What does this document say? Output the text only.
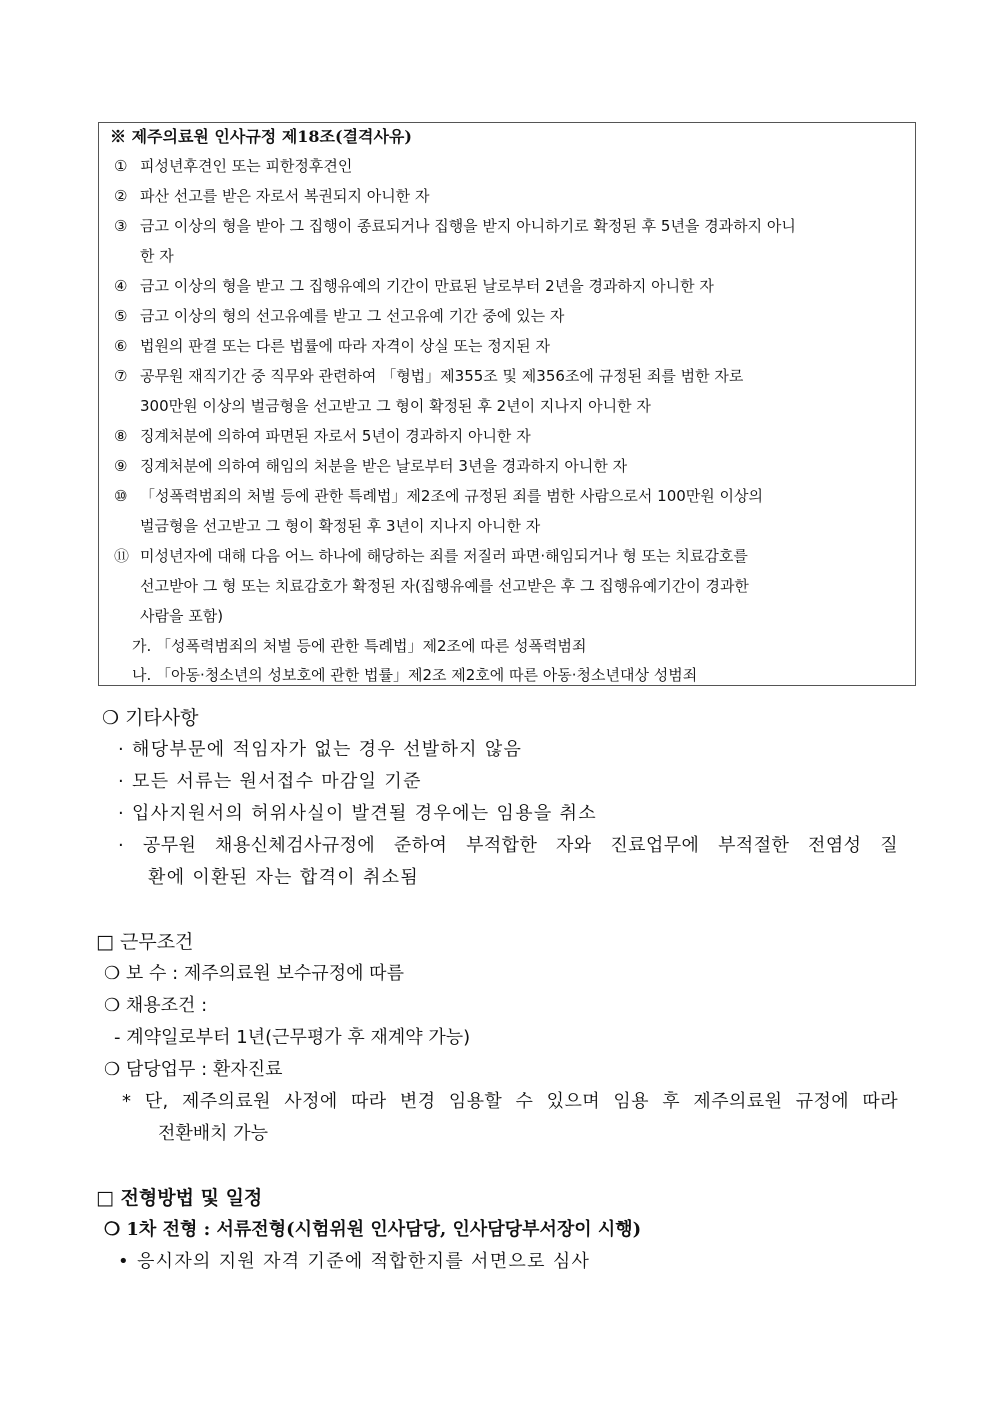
※ 제주의료원 인사규정 제18조(결격사유)
① 피성년후견인 또는 피한정후견인
② 파산 선고를 받은 자로서 복권되지 아니한 자
③ 금고 이상의 형을 받아 그 집행이 종료되거나 집행을 받지 아니하기로 확정된 후 5년을 경과하지 아니
한 자
④ 금고 이상의 형을 받고 그 집행유예의 기간이 만료된 날로부터 2년을 경과하지 아니한 자
⑤ 금고 이상의 형의 선고유예를 받고 그 선고유예 기간 중에 있는 자
⑥ 법원의 판결 또는 다른 법률에 따라 자격이 상실 또는 정지된 자
⑦ 공무원 재직기간 중 직무와 관련하여 「형법」제355조 및 제356조에 규정된 죄를 범한 자로
300만원 이상의 벌금형을 선고받고 그 형이 확정된 후 2년이 지나지 아니한 자
⑧ 징계처분에 의하여 파면된 자로서 5년이 경과하지 아니한 자
⑨ 징계처분에 의하여 해임의 처분을 받은 날로부터 3년을 경과하지 아니한 자
⑩ 「성폭력범죄의 처벌 등에 관한 특례법」제2조에 규정된 죄를 범한 사람으로서 100만원 이상의
벌금형을 선고받고 그 형이 확정된 후 3년이 지나지 아니한 자
⑪ 미성년자에 대해 다음 어느 하나에 해당하는 죄를 저질러 파면·해임되거나 형 또는 치료감호를
선고받아 그 형 또는 치료감호가 확정된 자(집행유예를 선고받은 후 그 집행유예기간이 경과한
사람을 포함)
가. 「성폭력범죄의 처벌 등에 관한 특례법」제2조에 따른 성폭력범죄
나. 「아동·청소년의 성보호에 관한 법률」제2조 제2호에 따른 아동·청소년대상 성범죄
❍ 기타사항
· 해당부문에 적임자가 없는 경우 선발하지 않음
· 모든 서류는 원서접수 마감일 기준
· 입사지원서의 허위사실이 발견될 경우에는 임용을 취소
· 공무원 채용신체검사규정에 준하여 부적합한 자와 진료업무에 부적절한 전염성 질
환에 이환된 자는 합격이 취소됨
□ 근무조건
❍ 보 수 : 제주의료원 보수규정에 따름
❍ 채용조건 :
- 계약일로부터 1년(근무평가 후 재계약 가능)
❍ 담당업무 : 환자진료
* 단, 제주의료원 사정에 따라 변경 임용할 수 있으며 임용 후 제주의료원 규정에 따라
전환배치 가능
□ 전형방법 및 일정
❍ 1차 전형 : 서류전형(시험위원 인사담당, 인사담당부서장이 시행)
• 응시자의 지원 자격 기준에 적합한지를 서면으로 심사
